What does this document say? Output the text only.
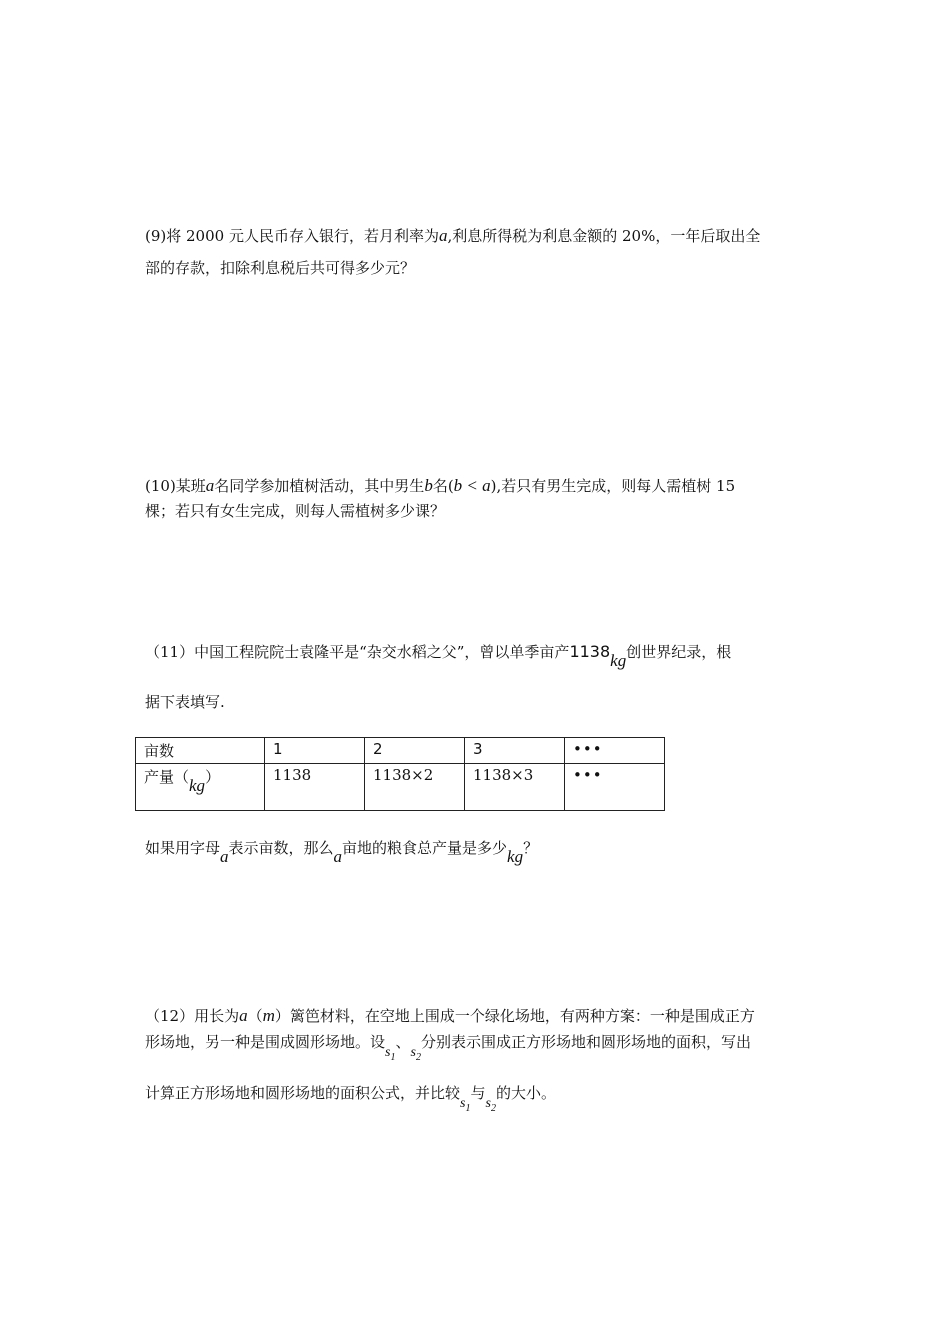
(9)将 2000 元人民币存入银行，若月利率为a,利息所得税为利息金额的 20%，一年后取出全
部的存款，扣除利息税后共可得多少元？
(10)某班a名同学参加植树活动，其中男生b名(b < a),若只有男生完成，则每人需植树 15
棵；若只有女生完成，则每人需植树多少课？
（11）中国工程院院士袁隆平是“杂交水稻之父”，曾以单季亩产1138kg创世界纪录，根
据下表填写.
亩数	1	2	3	•••
产量（kg）	1138	1138×2	1138×3	•••
如果用字母a表示亩数，那么a亩地的粮食总产量是多少kg？
（12）用长为a（m）篱笆材料，在空地上围成一个绿化场地，有两种方案：一种是围成正方
形场地，另一种是围成圆形场地。设$s_1$、$s_2$分别表示围成正方形场地和圆形场地的面积，写出
计算正方形场地和圆形场地的面积公式，并比较$s_1$与$s_2$的大小。
